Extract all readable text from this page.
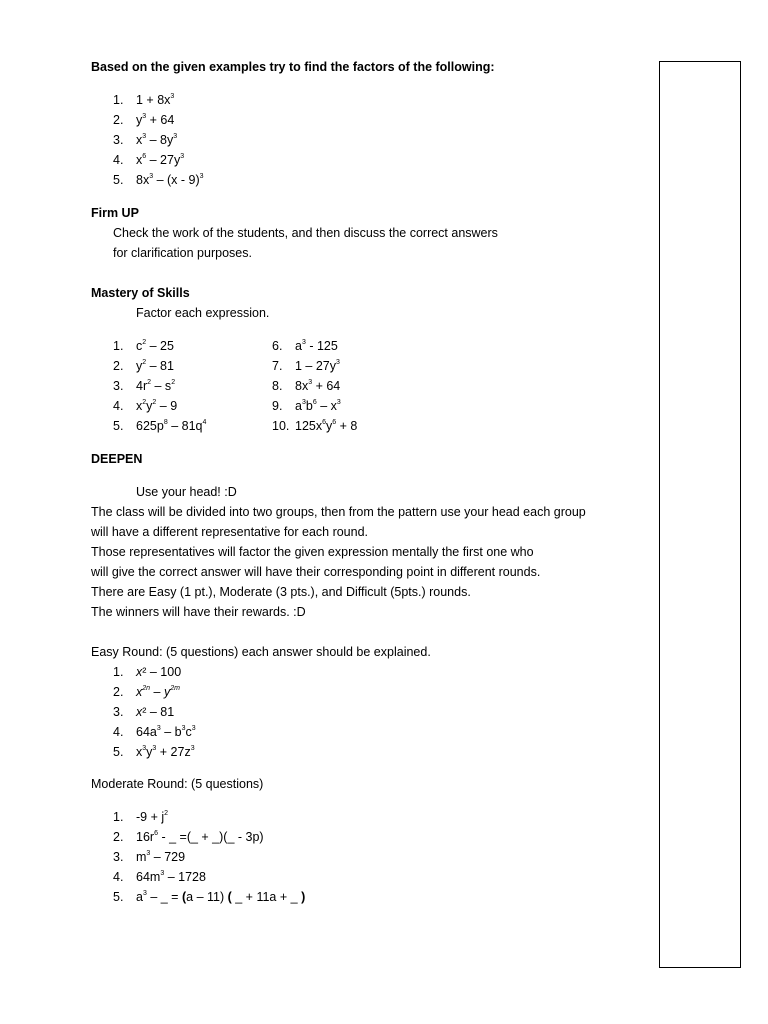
Based on the given examples try to find the factors of the following:
1. $1 + 8x^3$
2. $y^3 + 64$
3. $x^3 - 8y^3$
4. $x^6 - 27y^3$
5. $8x^3 - (x - 9)^3$
Firm UP
Check the work of the students, and then discuss the correct answers
for clarification purposes.
Mastery of Skills
Factor each expression.
1. $c^2 - 25$
2. $y^2 - 81$
3. $4r^2 - s^2$
4. $x^2y^2 - 9$
5. $625p^8 - 81q^4$
6. $a^3 - 125$
7. $1 - 27y^3$
8. $8x^3 + 64$
9. $a^3b^6 - x^3$
10. $125x^6y^6 + 8$
DEEPEN
Use your head! :D
The class will be divided into two groups, then from the pattern use your head each group
will have a different representative for each round.
Those representatives will factor the given expression mentally the first one who
will give the correct answer will have their corresponding point in different rounds.
There are Easy (1 pt.), Moderate (3 pts.), and Difficult (5pts.) rounds.
The winners will have their rewards. :D
Easy Round: (5 questions) each answer should be explained.
1. x² – 100
2. $x^{2n} - y^{2m}$
3. x² – 81
4. $64a^3 - b^3c^3$
5. $x^3y^3 + 27z^3$
Moderate Round: (5 questions)
1. $-9 + j^2$
2. $16r^6$ - _ =(_ + _)(_ - 3p)
3. $m^3 - 729$
4. $64m^3 - 1728$
5. $a^3$ – _ = (a – 11) ( _ + 11a + _ )
